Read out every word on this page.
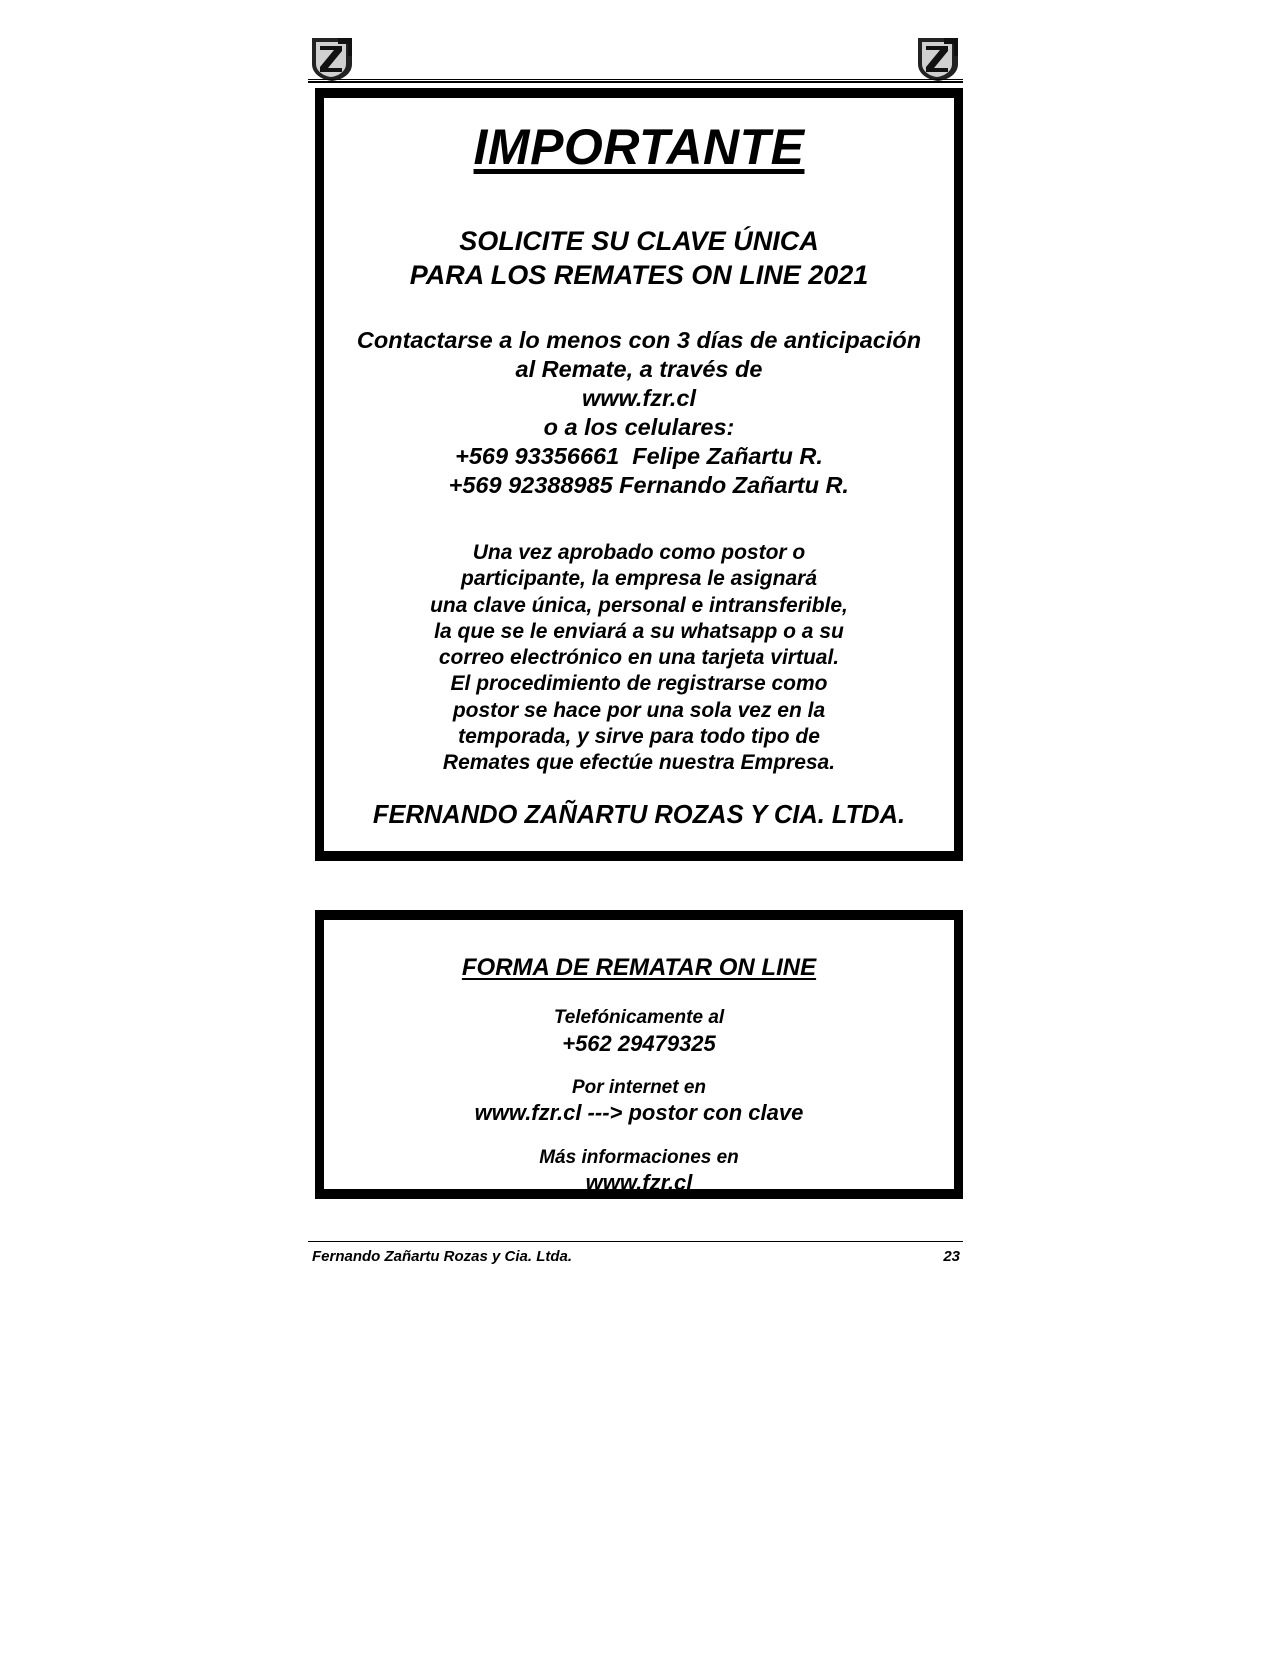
IMPORTANTE
SOLICITE SU CLAVE ÚNICA
PARA LOS REMATES ON LINE 2021
Contactarse a lo menos con 3 días de anticipación
al Remate, a través de
www.fzr.cl
o a los celulares:
+569 93356661  Felipe Zañartu R.
+569 92388985 Fernando Zañartu R.
Una vez aprobado como postor o
participante, la empresa le asignará
una clave única, personal e intransferible,
la que se le enviará a su whatsapp o a su
correo electrónico en una tarjeta virtual.
El procedimiento de registrarse como
postor se hace por una sola vez en la
temporada, y sirve para todo tipo de
Remates que efectúe nuestra Empresa.
FERNANDO ZAÑARTU ROZAS Y CIA. LTDA.
FORMA DE REMATAR ON LINE
Telefónicamente al
+562 29479325
Por internet en
www.fzr.cl ---> postor con clave
Más informaciones en
www.fzr.cl
Fernando Zañartu Rozas y Cia. Ltda.	23
